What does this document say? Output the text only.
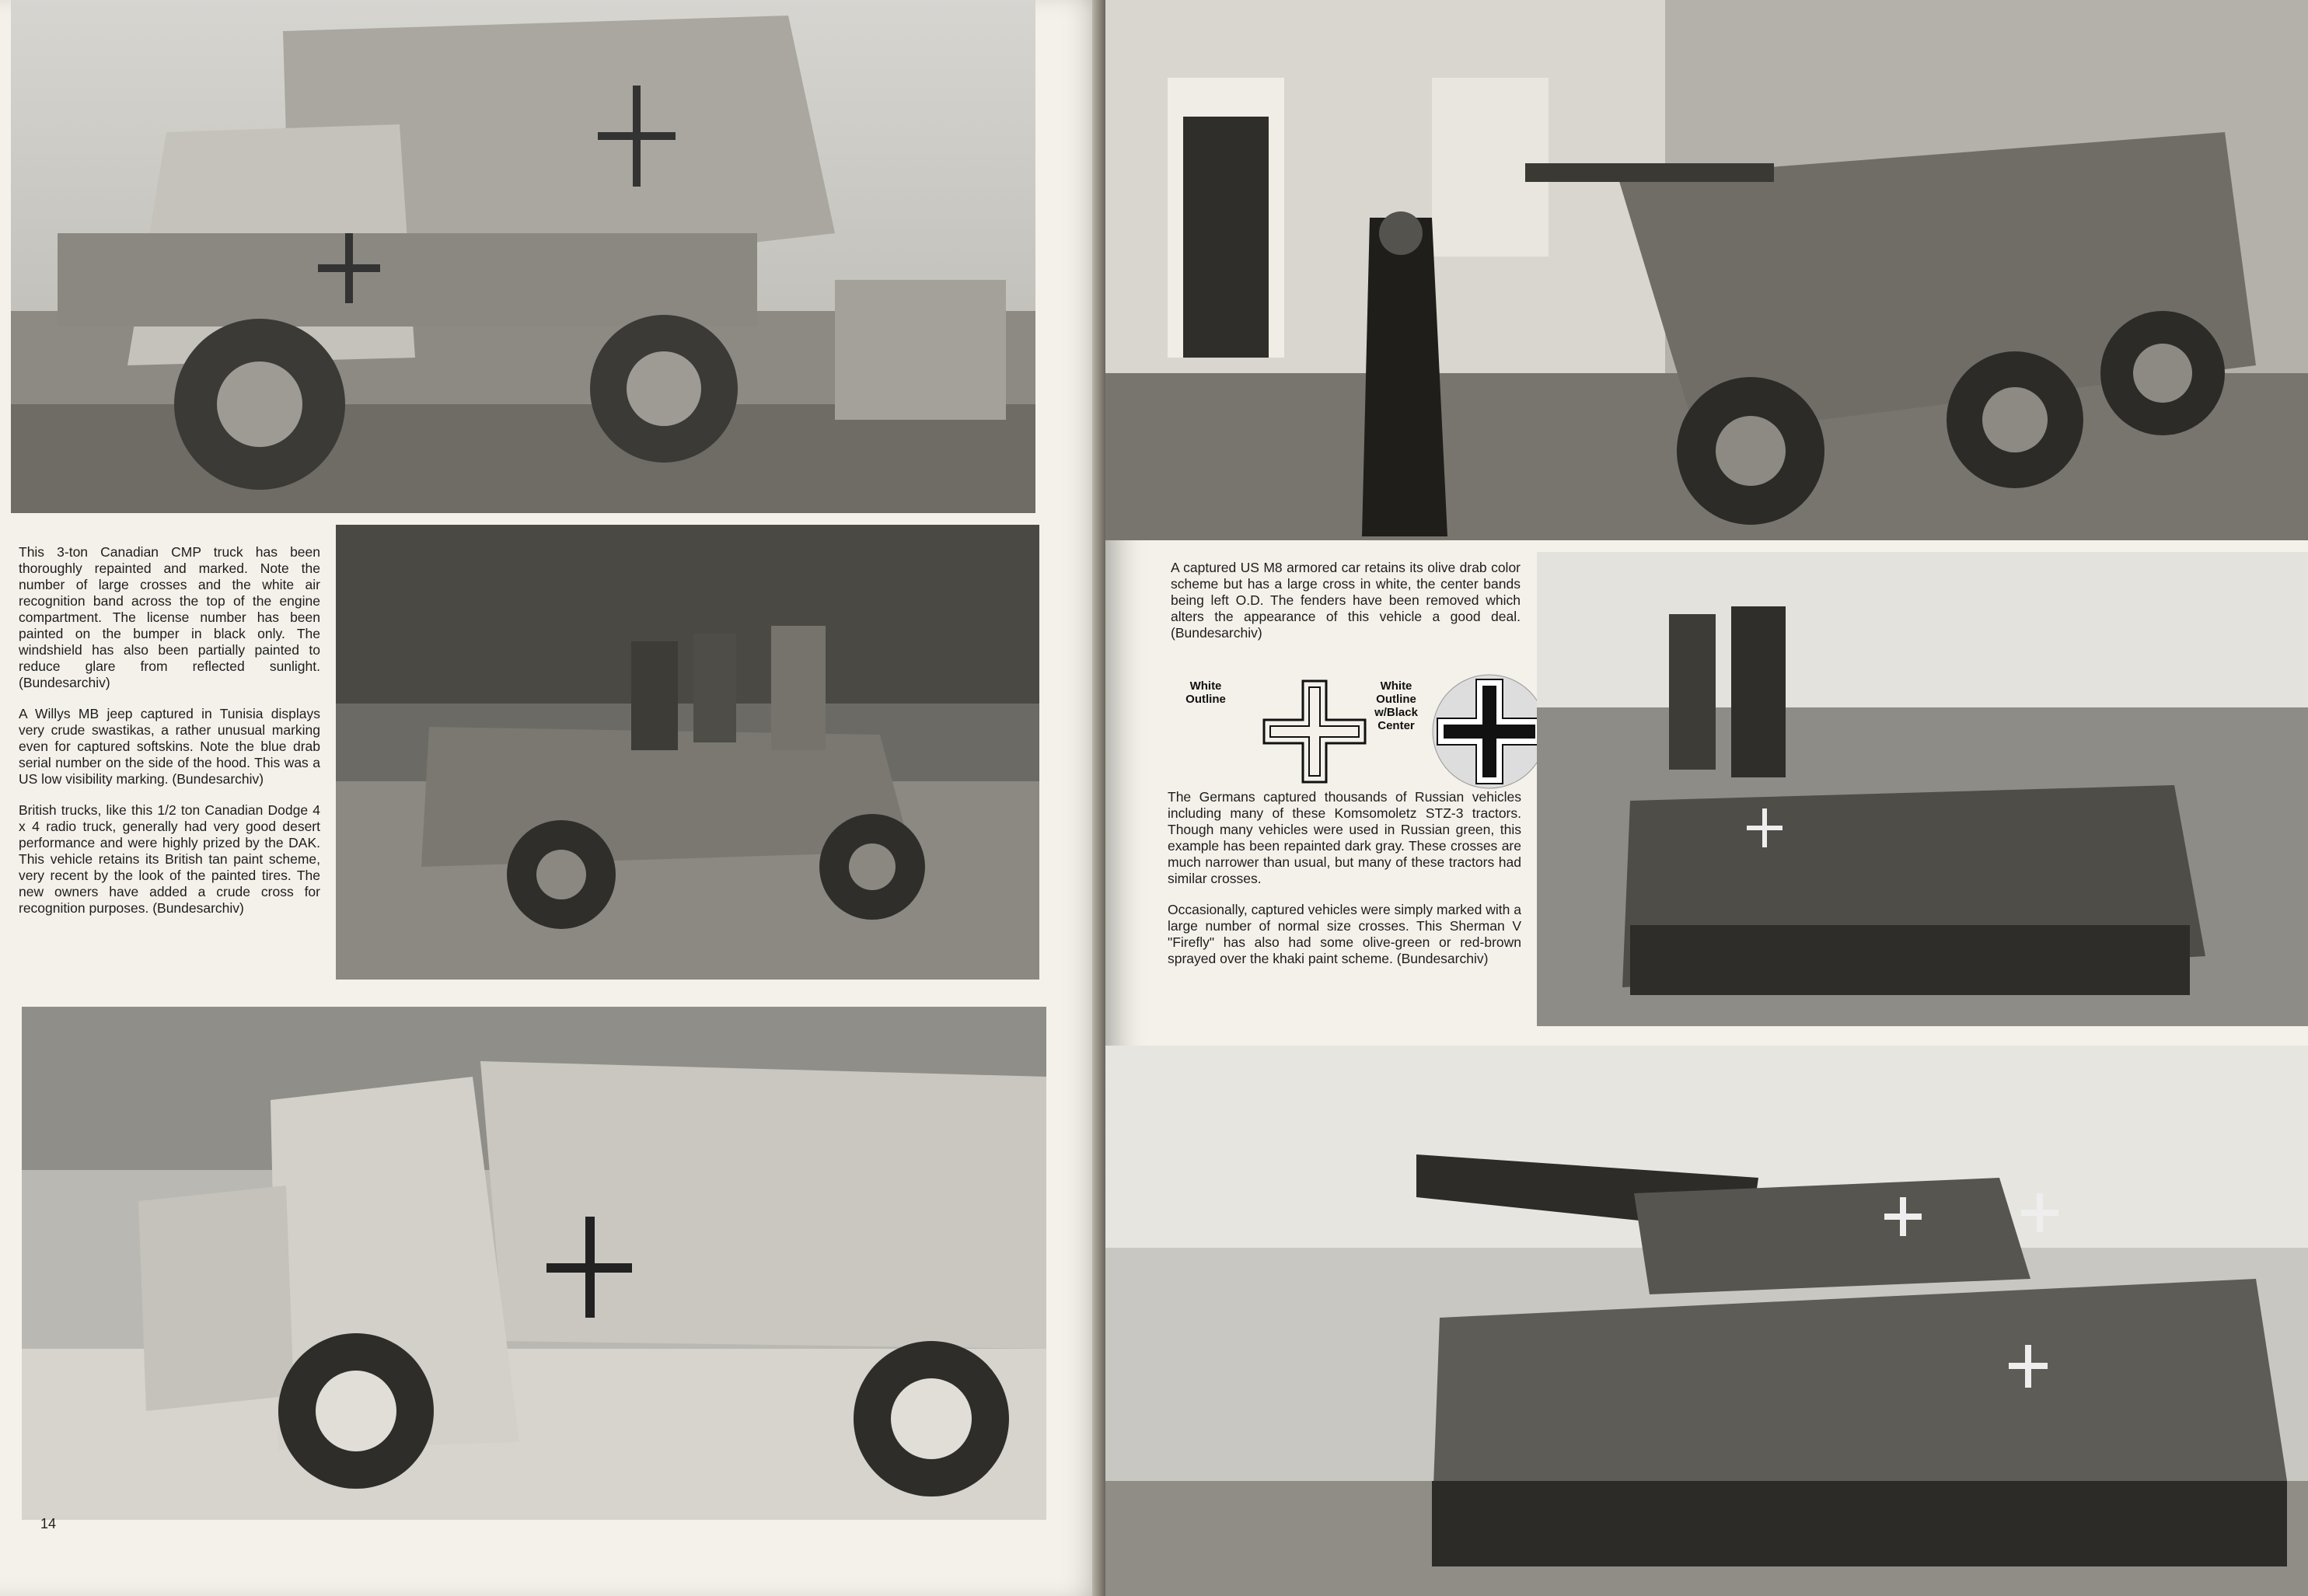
This 3-ton Canadian CMP truck has been thoroughly repainted and marked. Note the number of large crosses and the white air recognition band across the top of the engine compartment. The license number has been painted on the bumper in black only. The windshield has also been partially painted to reduce glare from reflected sunlight. (Bundesarchiv)

A Willys MB jeep captured in Tunisia displays very crude swastikas, a rather unusual marking even for captured softskins. Note the blue drab serial number on the side of the hood. This was a US low visibility marking. (Bundesarchiv)

British trucks, like this 1/2 ton Canadian Dodge 4 x 4 radio truck, generally had very good desert performance and were highly prized by the DAK. This vehicle retains its British tan paint scheme, very recent by the look of the painted tires. The new owners have added a crude cross for recognition purposes. (Bundesarchiv)

14

A captured US M8 armored car retains its olive drab color scheme but has a large cross in white, the center bands being left O.D. The fenders have been removed which alters the appearance of this vehicle a good deal. (Bundesarchiv)

White Outline
White Outline w/Black Center

The Germans captured thousands of Russian vehicles including many of these Komsomoletz STZ-3 tractors. Though many vehicles were used in Russian green, this example has been repainted dark gray. These crosses are much narrower than usual, but many of these tractors had similar crosses.

Occasionally, captured vehicles were simply marked with a large number of normal size crosses. This Sherman V "Firefly" has also had some olive-green or red-brown sprayed over the khaki paint scheme. (Bundesarchiv)
